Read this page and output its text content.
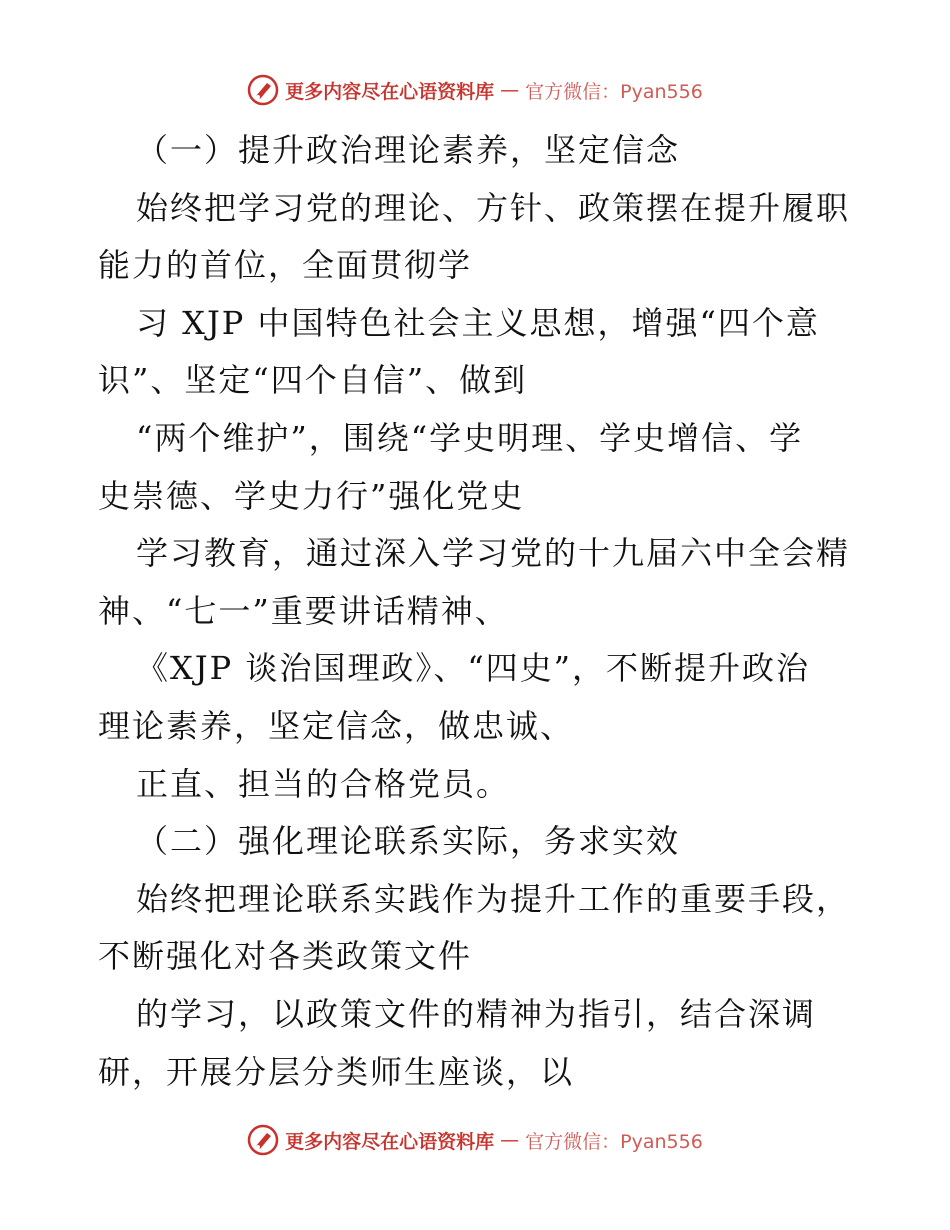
更多内容尽在心语资料库 — 官方微信：Pyan556
（一）提升政治理论素养，坚定信念
始终把学习党的理论、方针、政策摆在提升履职
能力的首位，全面贯彻学
习 XJP 中国特色社会主义思想，增强“四个意
识”、坚定“四个自信”、做到
“两个维护”，围绕“学史明理、学史增信、学
史崇德、学史力行”强化党史
学习教育，通过深入学习党的十九届六中全会精
神、“七一”重要讲话精神、
《XJP 谈治国理政》、“四史”，不断提升政治
理论素养，坚定信念，做忠诚、
正直、担当的合格党员。
（二）强化理论联系实际，务求实效
始终把理论联系实践作为提升工作的重要手段，
不断强化对各类政策文件
的学习，以政策文件的精神为指引，结合深调
研，开展分层分类师生座谈，以
更多内容尽在心语资料库 — 官方微信：Pyan556
